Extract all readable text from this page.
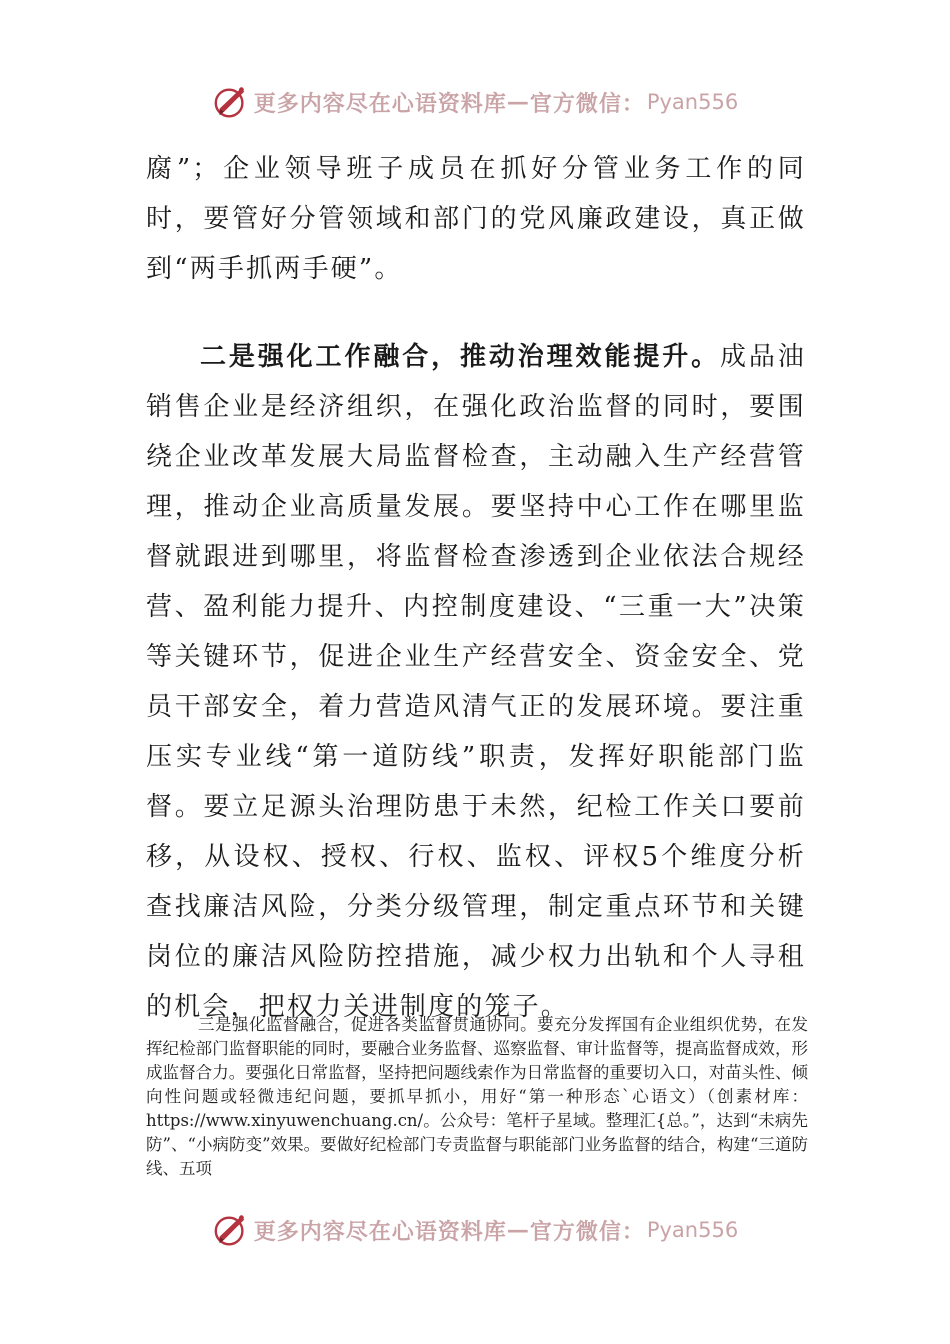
更多内容尽在心语资料库 — 官方微信： Pyan556
腐”；企业领导班子成员在抓好分管业务工作的同时，要管好分管领域和部门的党风廉政建设，真正做到“两手抓两手硬”。
二是强化工作融合，推动治理效能提升。成品油销售企业是经济组织，在强化政治监督的同时，要围绕企业改革发展大局监督检查，主动融入生产经营管理，推动企业高质量发展。要坚持中心工作在哪里监督就跟进到哪里，将监督检查渗透到企业依法合规经营、盈利能力提升、内控制度建设、“三重一大”决策等关键环节，促进企业生产经营安全、资金安全、党员干部安全，着力营造风清气正的发展环境。要注重压实专业线“第一道防线”职责，发挥好职能部门监督。要立足源头治理防患于未然，纪检工作关口要前移，从设权、授权、行权、监权、评权5个维度分析查找廉洁风险，分类分级管理，制定重点环节和关键岗位的廉洁风险防控措施，减少权力出轨和个人寻租的机会，把权力关进制度的笼子。
三是强化监督融合，促进各类监督贯通协同。要充分发挥国有企业组织优势，在发挥纪检部门监督职能的同时，要融合业务监督、巡察监督、审计监督等，提高监督成效，形成监督合力。要强化日常监督，坚持把问题线索作为日常监督的重要切入口，对苗头性、倾向性问题或轻微违纪问题，要抓早抓小，用好“第一种形态`心语文）（创素材库：https://www.xinyuwenchuang.cn/。公众号：笔杆子星域。整理汇{总。”，达到“未病先防”、“小病防变”效果。要做好纪检部门专责监督与职能部门业务监督的结合，构建“三道防线、五项
更多内容尽在心语资料库 — 官方微信： Pyan556
